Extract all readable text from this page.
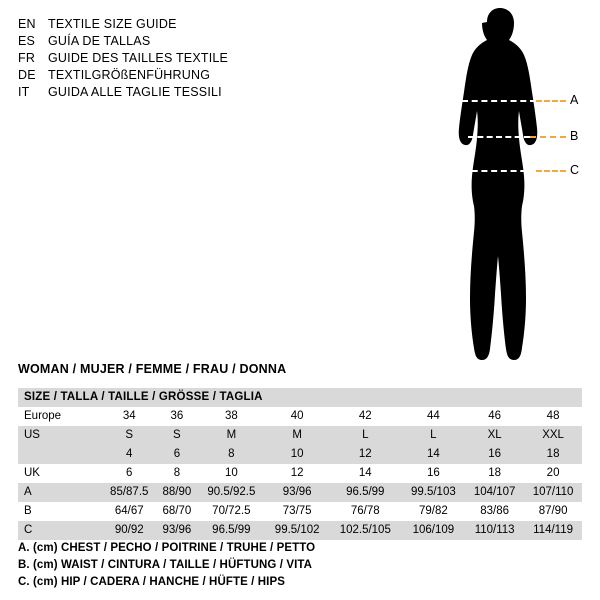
EN TEXTILE SIZE GUIDE
ES	GUÍA DE TALLAS
FR	GUIDE DES TAILLES TEXTILE
DE TEXTILGRÖßENFÜHRUNG
IT	GUIDA ALLE TAGLIE TESSILI
A
B
C
WOMAN / MUJER / FEMME / FRAU / DONNA
SIZE / TALLA / TAILLE / GRÖSSE / TAGLIA								
Europe	34	36	38	40	42	44	46	48
US	S	S	M	M	L	L	XL	XXL
	4	6	8	10	12	14	16	18
UK	6	8	10	12	14	16	18	20
A	85/87.5	88/90	90.5/92.5	93/96	96.5/99	99.5/103	104/107	107/110
B	64/67	68/70	70/72.5	73/75	76/78	79/82	83/86	87/90
C	90/92	93/96	96.5/99	99.5/102	102.5/105	106/109	110/113	114/119
A. (cm) CHEST / PECHO / POITRINE / TRUHE / PETTO
B. (cm) WAIST / CINTURA / TAILLE / HÜFTUNG / VITA
C. (cm) HIP / CADERA / HANCHE / HÜFTE / HIPS
